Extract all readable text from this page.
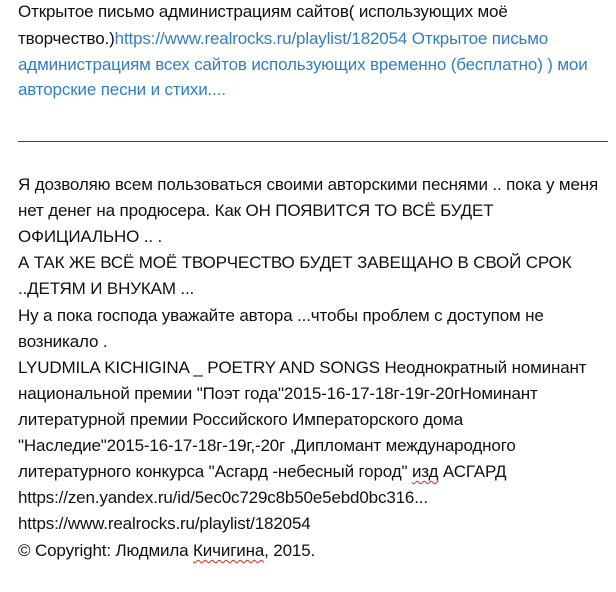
Открытое письмо администрациям сайтов( использующих моё
творчество.)https://www.realrocks.ru/playlist/182054 Открытое письмо
администрациям всех сайтов использующих временно (бесплатно) ) мои
авторские песни и стихи....
Я дозволяю всем пользоваться своими авторскими песнями .. пока у меня
нет денег на продюсера. Как ОН ПОЯВИТСЯ ТО ВСЁ БУДЕТ
ОФИЦИАЛЬНО .. .
А ТАК ЖЕ ВСЁ МОЁ ТВОРЧЕСТВО БУДЕТ ЗАВЕЩАНО В СВОЙ СРОК
..ДЕТЯМ И ВНУКАМ ...
Ну а пока господа уважайте автора ...чтобы проблем с доступом не
возникало .
LYUDMILA KICHIGINA _ POETRY AND SONGS Неоднократный номинант
национальной премии "Поэт года"2015-16-17-18г-19г-20гНоминант
литературной премии Российского Императорского дома
"Наследие"2015-16-17-18г-19г,-20г ,Дипломант международного
литературного конкурса "Асгард -небесный город" изд АСГАРД
https://zen.yandex.ru/id/5ec0c729c8b50e5ebd0bc316...
https://www.realrocks.ru/playlist/182054
© Copyright: Людмила Кичигина, 2015.
